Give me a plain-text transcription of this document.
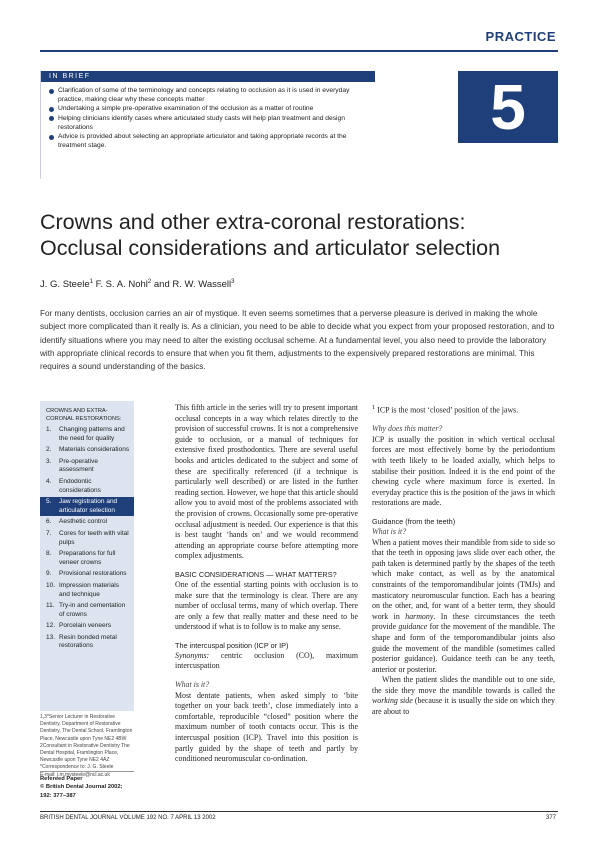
PRACTICE
IN BRIEF
Clarification of some of the terminology and concepts relating to occlusion as it is used in everyday practice, making clear why these concepts matter
Undertaking a simple pre-operative examination of the occlusion as a matter of routine
Helping clinicians identify cases where articulated study casts will help plan treatment and design restorations
Advice is provided about selecting an appropriate articulator and taking appropriate records at the treatment stage.
5
Crowns and other extra-coronal restorations:
Occlusal considerations and articulator selection
J. G. Steele$^1$ F. S. A. Nohl$^2$ and R. W. Wassell$^3$

For many dentists, occlusion carries an air of mystique. It even seems sometimes that a perverse pleasure is derived in making the whole subject more complicated than it really is. As a clinician, you need to be able to decide what you expect from your proposed restoration, and to identify situations where you may need to alter the existing occlusal scheme. At a fundamental level, you also need to provide the laboratory with appropriate clinical records to ensure that when you fit them, adjustments to the expensively prepared restorations are minimal. This requires a sound understanding of the basics.

CROWNS AND EXTRA-CORONAL RESTORATIONS:
1.	Changing patterns and the need for quality
2.	Materials considerations
3.	Pre-operative assessment
4.	Endodontic considerations
5.	Jaw registration and articulator selection
6.	Aesthetic control
7.	Cores for teeth with vital pulps
8.	Preparations for full veneer crowns
9.	Provisional restorations
10. Impression materials and technique
11. Try-in and cementation of crowns
12. Porcelain veneers
13. Resin bonded metal restorations
1,3*Senior Lecturer in Restorative Dentistry, Department of Restorative Dentistry, The Dental School, Framlington Place, Newcastle upon Tyne NE2 4BW
2Consultant in Restorative Dentistry The Dental Hospital, Framlington Place, Newcastle upon Tyne NE2 4AZ
*Correspondence to: J. G. Steele
E-mail: j.m.mysteele@ncl.ac.uk
Refereed Paper
© British Dental Journal 2002; 192: 377–387

This fifth article in the series will try to present important occlusal concepts in a way which relates directly to the provision of successful crowns. It is not a comprehensive guide to occlusion, or a manual of techniques for extensive fixed prosthodontics. There are several useful books and articles dedicated to the subject and some of these are specifically referenced (if a technique is particularly well described) or are listed in the further reading section. However, we hope that this article should allow you to avoid most of the problems associated with the provision of crowns. Occasionally some pre-operative occlusal adjustment is needed. Our experience is that this is best taught ‘hands on’ and we would recommend attending an appropriate course before attempting more complex adjustments.

BASIC CONSIDERATIONS — WHAT MATTERS?

One of the essential starting points with occlusion is to make sure that the terminology is clear. There are any number of occlusal terms, many of which overlap. There are only a few that really matter and these need to be understood if what is to follow is to make any sense.

The intercuspal position (ICP or IP)

Synonyms: centric occlusion (CO), maximum intercuspation

What is it?

Most dentate patients, when asked simply to ‘bite together on your back teeth’, close immediately into a comfortable, reproducible “closed” position where the maximum number of tooth contacts occur. This is the intercuspal position (ICP). Travel into this position is partly guided by the shape of teeth and partly by conditioned neuromuscular co-ordination.

$^1$ ICP is the most ‘closed’ position of the jaws.

Why does this matter?

ICP is usually the position in which vertical occlusal forces are most effectively borne by the periodontium with teeth likely to be loaded axially, which helps to stabilise their position. Indeed it is the end point of the chewing cycle where maximum force is exerted. In everyday practice this is the position of the jaws in which restorations are made.

Guidance (from the teeth)

What is it?

When a patient moves their mandible from side to side so that the teeth in opposing jaws slide over each other, the path taken is determined partly by the shapes of the teeth which make contact, as well as by the anatomical constraints of the temporomandibular joints (TMJs) and masticatory neuromuscular function. Each has a bearing on the other, and, for want of a better term, they should work in harmony. In these circumstances the teeth provide guidance for the movement of the mandible. The shape and form of the temporomandibular joints also guide the movement of the mandible (sometimes called posterior guidance). Guidance teeth can be any teeth, anterior or posterior.

When the patient slides the mandible out to one side, the side they move the mandible towards is called the working side (because it is usually the side on which they are about to

BRITISH DENTAL JOURNAL VOLUME 192 NO. 7 APRIL 13 2002	377
